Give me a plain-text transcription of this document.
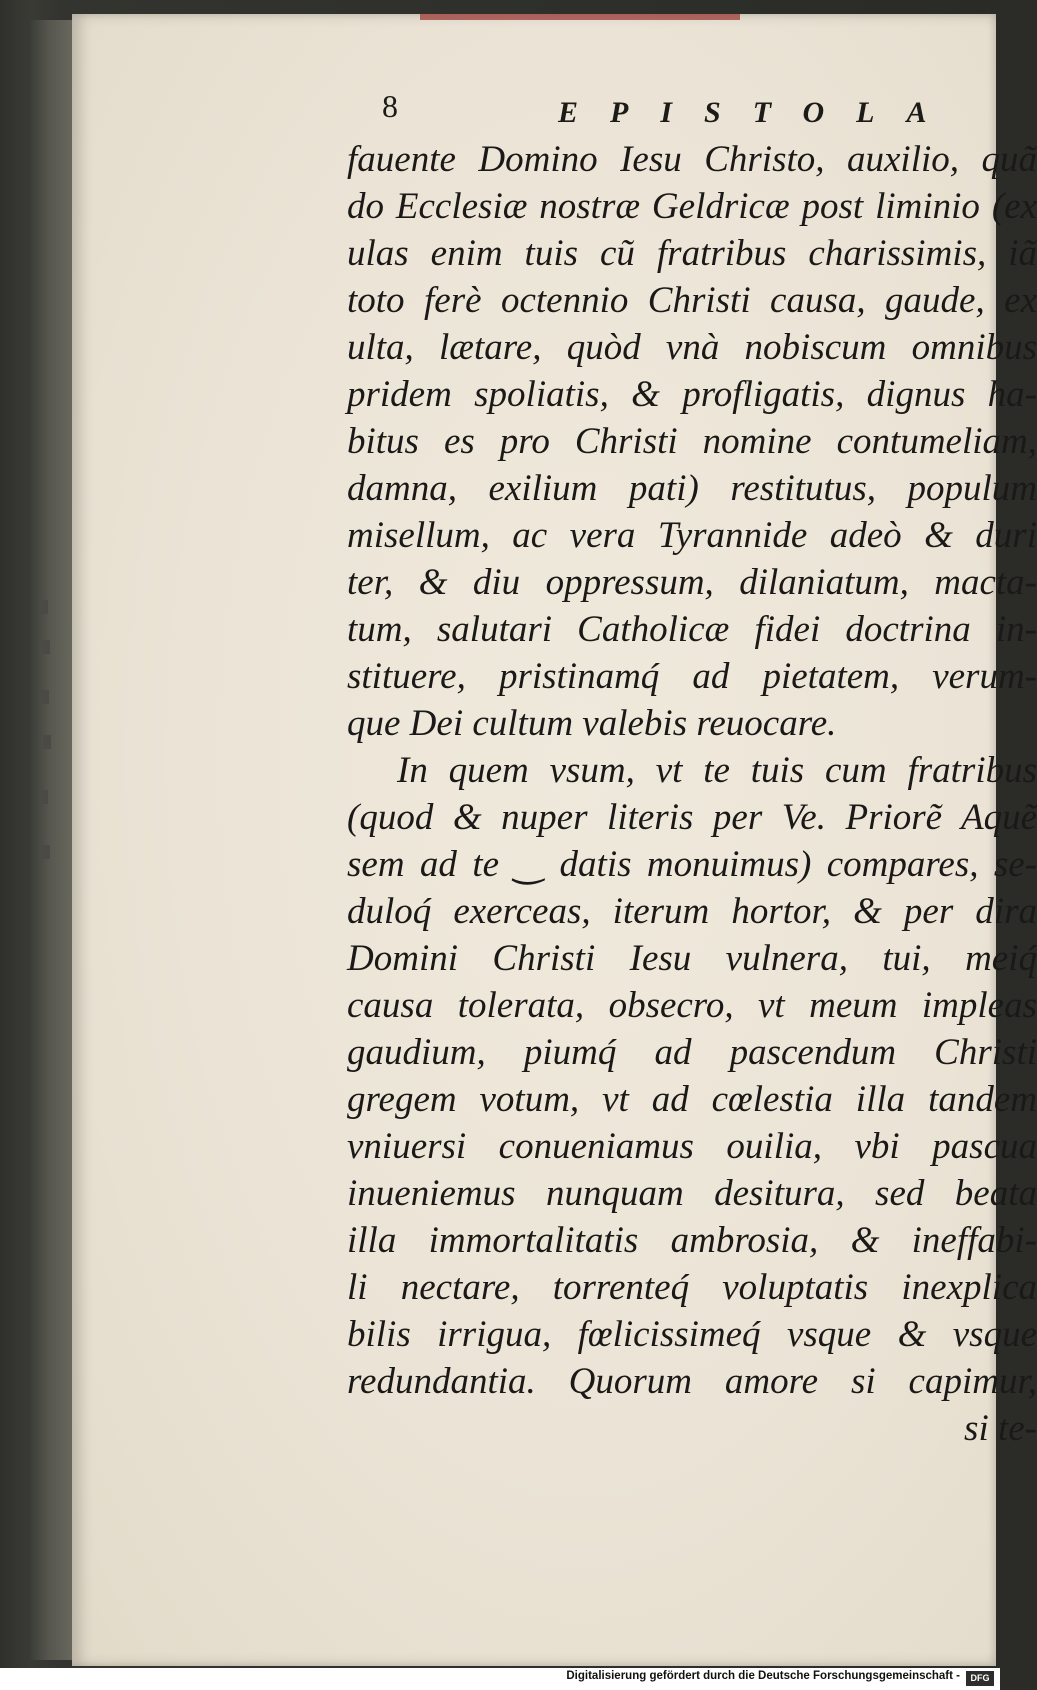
8	EPISTOLA
fauente Domino Iesu Christo, auxilio, quã
do Ecclesiæ nostræ Geldricæ post liminio (ex
ulas enim tuis cũ fratribus charissimis, iã
toto ferè octennio Christi causa, gaude, ex
ulta, lætare, quòd vnà nobiscum omnibus
pridem spoliatis, & profligatis, dignus ha-
bitus es pro Christi nomine contumeliam,
damna, exilium pati) restitutus, populum
misellum, ac vera Tyrannide adeò & duri
ter, & diu oppressum, dilaniatum, macta-
tum, salutari Catholicæ fidei doctrina in-
stituere, pristinamq́ ad pietatem, verum-
que Dei cultum valebis reuocare.
In quem vsum, vt te tuis cum fratribus
(quod & nuper literis per Ve. Priorẽ Aquẽ
sem ad te ‿ datis monuimus) compares, se-
duloq́ exerceas, iterum hortor, & per dira
Domini Christi Iesu vulnera, tui, meiq́
causa tolerata, obsecro, vt meum impleas
gaudium, piumq́ ad pascendum Christi
gregem votum, vt ad cœlestia illa tandem
vniuersi conueniamus ouilia, vbi pascua
inueniemus nunquam desitura, sed beata
illa immortalitatis ambrosia, & ineffabi-
li nectare, torrenteq́ voluptatis inexplica
bilis irrigua, fœlicissimeq́ vsque & vsque
redundantia. Quorum amore si capimur,
si te-
Digitalisierung gefördert durch die Deutsche Forschungsgemeinschaft -	DFG
